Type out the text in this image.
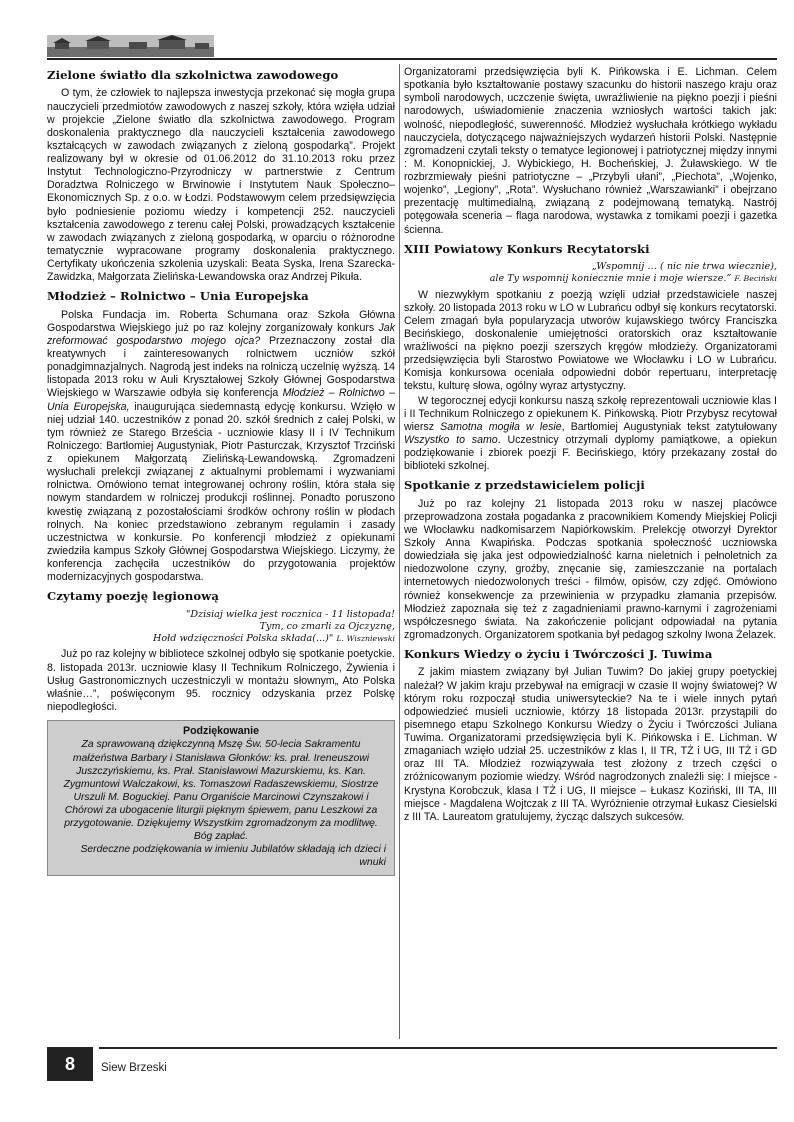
Zielone światło dla szkolnictwa zawodowego

O tym, że człowiek to najlepsza inwestycja przekonać się mogła grupa nauczycieli przedmiotów zawodowych z naszej szkoły, która wzięła udział w projekcie „Zielone światło dla szkolnictwa zawodowego. Program doskonalenia praktycznego dla nauczycieli kształcenia zawodowego kształcących w zawodach związanych z zieloną gospodarką”. Projekt realizowany był w okresie od 01.06.2012 do 31.10.2013 roku przez Instytut Technologiczno-Przyrodniczy w partnerstwie z Centrum Doradztwa Rolniczego w Brwinowie i Instytutem Nauk Społeczno–Ekonomicznych Sp. z o.o. w Łodzi. Podstawowym celem przedsięwzięcia było podniesienie poziomu wiedzy i kompetencji 252. nauczycieli kształcenia zawodowego z terenu całej Polski, prowadzących kształcenie w zawodach związanych z zieloną gospodarką, w oparciu o różnorodne tematycznie wypracowane programy doskonalenia praktycznego. Certyfikaty ukończenia szkolenia uzyskali: Beata Syska, Irena Szarecka-Zawidzka, Małgorzata Zielińska-Lewandowska oraz Andrzej Pikuła.

Młodzież – Rolnictwo – Unia Europejska

Polska Fundacja im. Roberta Schumana oraz Szkoła Główna Gospodarstwa Wiejskiego już po raz kolejny zorganizowały konkurs Jak zreformować gospodarstwo mojego ojca? Przeznaczony został dla kreatywnych i zainteresowanych rolnictwem uczniów szkół ponadgimnazjalnych. Nagrodą jest indeks na rolniczą uczelnię wyższą. 14 listopada 2013 roku w Auli Kryształowej Szkoły Głównej Gospodarstwa Wiejskiego w Warszawie odbyła się konferencja Młodzież – Rolnictwo – Unia Europejska, inaugurująca siedemnastą edycję konkursu. Wzięło w niej udział 140. uczestników z ponad 20. szkół średnich z całej Polski, w tym również ze Starego Brześcia - uczniowie klasy II i IV Technikum Rolniczego: Bartłomiej Augustyniak, Piotr Pasturczak, Krzysztof Trzciński z opiekunem Małgorzatą Zielińską-Lewandowską. Zgromadzeni wysłuchali prelekcji związanej z aktualnymi problemami i wyzwaniami rolnictwa. Omówiono temat integrowanej ochrony roślin, która stała się nowym standardem w rolniczej produkcji roślinnej. Ponadto poruszono kwestię związaną z pozostałościami środków ochrony roślin w płodach rolnych. Na koniec przedstawiono zebranym regulamin i zasady uczestnictwa w konkursie. Po konferencji młodzież z opiekunami zwiedziła kampus Szkoły Głównej Gospodarstwa Wiejskiego. Liczymy, że konferencja zachęciła uczestników do przygotowania projektów modernizacyjnych gospodarstwa.

Czytamy poezję legionową
"Dzisiaj wielka jest rocznica - 11 listopada!
Tym, co zmarli za Ojczyznę,
Hołd wdzięczności Polska składa(...)" L. Wiszniewski

Już po raz kolejny w bibliotece szkolnej odbyło się spotkanie poetyckie. 8. listopada 2013r. uczniowie klasy II Technikum Rolniczego, Żywienia i Usług Gastronomicznych uczestniczyli w montażu słownym„ Ato Polska właśnie…”, poświęconym 95. rocznicy odzyskania przez Polskę niepodległości.

Podziękowanie
Za sprawowaną dziękczynną Mszę Św. 50-lecia Sakramentu małżeństwa Barbary i Stanisława Głonków: ks. prał. Ireneuszowi Juszczyńskiemu, ks. Prał. Stanisławowi Mazurskiemu, ks. Kan. Zygmuntowi Walczakowi, ks. Tomaszowi Radaszewskiemu, Siostrze Urszuli M. Boguckiej. Panu Organiście Marcinowi Czynszakowi i Chórowi za ubogacenie liturgii pięknym śpiewem, panu Leszkowi za przygotowanie. Dziękujemy Wszystkim zgromadzonym za modlitwę. Bóg zapłać.
Serdeczne podziękowania w imieniu Jubilatów składają ich dzieci i wnuki

Organizatorami przedsięwzięcia byli K. Pińkowska i E. Lichman. Celem spotkania było kształtowanie postawy szacunku do historii naszego kraju oraz symboli narodowych, uczczenie święta, uwrażliwienie na piękno poezji i pieśni narodowych, uświadomienie znaczenia wzniosłych wartości takich jak: wolność, niepodległość, suwerenność. Młodzież wysłuchała krótkiego wykładu nauczyciela, dotyczącego najważniejszych wydarzeń historii Polski. Następnie zgromadzeni czytali teksty o tematyce legionowej i patriotycznej między innymi : M. Konopnickiej, J. Wybickiego, H. Bocheńskiej, J. Żuławskiego. W tle rozbrzmiewały pieśni patriotyczne – „Przybyli ułani”, „Piechota”, „Wojenko, wojenko”, „Legiony”, „Rota”. Wysłuchano również „Warszawianki” i obejrzano prezentację multimedialną, związaną z podejmowaną tematyką. Nastrój potęgowała sceneria – flaga narodowa, wystawka z tomikami poezji i gazetka ścienna.

XIII Powiatowy Konkurs Recytatorski
„Wspomnij … ( nic nie trwa wiecznie),
ale Ty wspomnij koniecznie mnie i moje wiersze.” F. Beciński

W niezwykłym spotkaniu z poezją wzięli udział przedstawiciele naszej szkoły. 20 listopada 2013 roku w LO w Lubrańcu odbył się konkurs recytatorski. Celem zmagań była popularyzacja utworów kujawskiego twórcy Franciszka Becińskiego, doskonalenie umiejętności oratorskich oraz kształtowanie wrażliwości na piękno poezji szerszych kręgów młodzieży. Organizatorami przedsięwzięcia byli Starostwo Powiatowe we Włocławku i LO w Lubrańcu. Komisja konkursowa oceniała odpowiedni dobór repertuaru, interpretację tekstu, kulturę słowa, ogólny wyraz artystyczny.

W tegorocznej edycji konkursu naszą szkołę reprezentowali uczniowie klas I i II Technikum Rolniczego z opiekunem K. Pińkowską. Piotr Przybysz recytował wiersz Samotna mogiła w lesie, Bartłomiej Augustyniak tekst zatytułowany Wszystko to samo. Uczestnicy otrzymali dyplomy pamiątkowe, a opiekun podziękowanie i zbiorek poezji F. Becińskiego, który przekazany został do biblioteki szkolnej.

Spotkanie z przedstawicielem policji

Już po raz kolejny 21 listopada 2013 roku w naszej placówce przeprowadzona została pogadanka z pracownikiem Komendy Miejskiej Policji we Włocławku nadkomisarzem Napiórkowskim. Prelekcję otworzył Dyrektor Szkoły Anna Kwapińska. Podczas spotkania społeczność uczniowska dowiedziała się jaka jest odpowiedzialność karna nieletnich i pełnoletnich za niedozwolone czyny, groźby, znęcanie się, zamieszczanie na portalach internetowych niedozwolonych treści - filmów, opisów, czy zdjęć. Omówiono również konsekwencje za przewinienia w przypadku złamania przepisów. Młodzież zapoznała się też z zagadnieniami prawno-karnymi i zagrożeniami współczesnego świata. Na zakończenie policjant odpowiadał na pytania zgromadzonych. Organizatorem spotkania był pedagog szkolny Iwona Żelazek.

Konkurs Wiedzy o życiu i Twórczości J. Tuwima

Z jakim miastem związany był Julian Tuwim? Do jakiej grupy poetyckiej należał? W jakim kraju przebywał na emigracji w czasie II wojny światowej? W którym roku rozpoczął studia uniwersyteckie? Na te i wiele innych pytań odpowiedzieć musieli uczniowie, którzy 18 listopada 2013r. przystąpili do pisemnego etapu Szkolnego Konkursu Wiedzy o Życiu i Twórczości Juliana Tuwima. Organizatorami przedsięwzięcia byli K. Pińkowska i E. Lichman. W zmaganiach wzięło udział 25. uczestników z klas I, II TR, TŻ i UG, III TŻ i GD oraz III TA. Młodzież rozwiązywała test złożony z trzech części o zróżnicowanym poziomie wiedzy. Wśród nagrodzonych znaleźli się: I miejsce - Krystyna Korobczuk, klasa I TŻ i UG, II miejsce – Łukasz Koziński, III TA, III miejsce - Magdalena Wojtczak z III TA. Wyróżnienie otrzymał Łukasz Ciesielski z III TA. Laureatom gratulujemy, życząc dalszych sukcesów.

8	Siew Brzeski
